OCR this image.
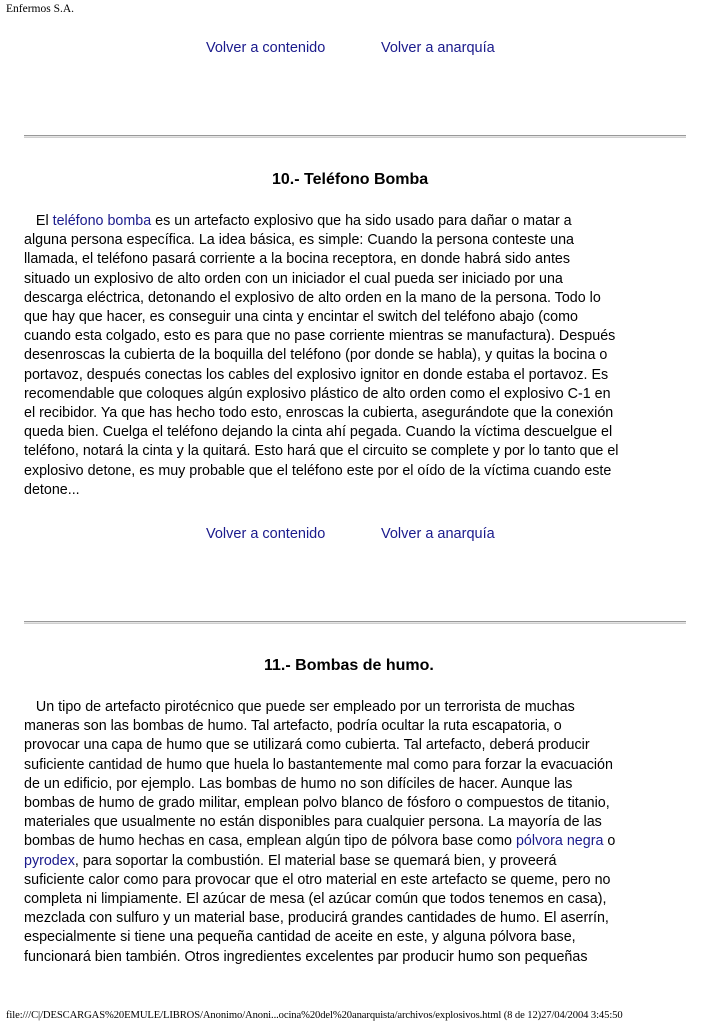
Enfermos S.A.
Volver a contenido	Volver a anarquía
10.- Teléfono Bomba
El teléfono bomba es un artefacto explosivo que ha sido usado para dañar o matar a
alguna persona específica. La idea básica, es simple: Cuando la persona conteste una
llamada, el teléfono pasará corriente a la bocina receptora, en donde habrá sido antes
situado un explosivo de alto orden con un iniciador el cual pueda ser iniciado por una
descarga eléctrica, detonando el explosivo de alto orden en la mano de la persona. Todo lo
que hay que hacer, es conseguir una cinta y encintar el switch del teléfono abajo (como
cuando esta colgado, esto es para que no pase corriente mientras se manufactura). Después
desenroscas la cubierta de la boquilla del teléfono (por donde se habla), y quitas la bocina o
portavoz, después conectas los cables del explosivo ignitor en donde estaba el portavoz. Es
recomendable que coloques algún explosivo plástico de alto orden como el explosivo C-1 en
el recibidor. Ya que has hecho todo esto, enroscas la cubierta, asegurándote que la conexión
queda bien. Cuelga el teléfono dejando la cinta ahí pegada. Cuando la víctima descuelgue el
teléfono, notará la cinta y la quitará. Esto hará que el circuito se complete y por lo tanto que el
explosivo detone, es muy probable que el teléfono este por el oído de la víctima cuando este
detone...
Volver a contenido	Volver a anarquía
11.- Bombas de humo.
Un tipo de artefacto pirotécnico que puede ser empleado por un terrorista de muchas
maneras son las bombas de humo. Tal artefacto, podría ocultar la ruta escapatoria, o
provocar una capa de humo que se utilizará como cubierta. Tal artefacto, deberá producir
suficiente cantidad de humo que huela lo bastantemente mal como para forzar la evacuación
de un edificio, por ejemplo. Las bombas de humo no son difíciles de hacer. Aunque las
bombas de humo de grado militar, emplean polvo blanco de fósforo o compuestos de titanio,
materiales que usualmente no están disponibles para cualquier persona. La mayoría de las
bombas de humo hechas en casa, emplean algún tipo de pólvora base como pólvora negra o
pyrodex, para soportar la combustión. El material base se quemará bien, y proveerá
suficiente calor como para provocar que el otro material en este artefacto se queme, pero no
completa ni limpiamente. El azúcar de mesa (el azúcar común que todos tenemos en casa),
mezclada con sulfuro y un material base, producirá grandes cantidades de humo. El aserrín,
especialmente si tiene una pequeña cantidad de aceite en este, y alguna pólvora base,
funcionará bien también. Otros ingredientes excelentes par producir humo son pequeñas
file:///C|/DESCARGAS%20EMULE/LIBROS/Anonimo/Anoni...ocina%20del%20anarquista/archivos/explosivos.html (8 de 12)27/04/2004 3:45:50
